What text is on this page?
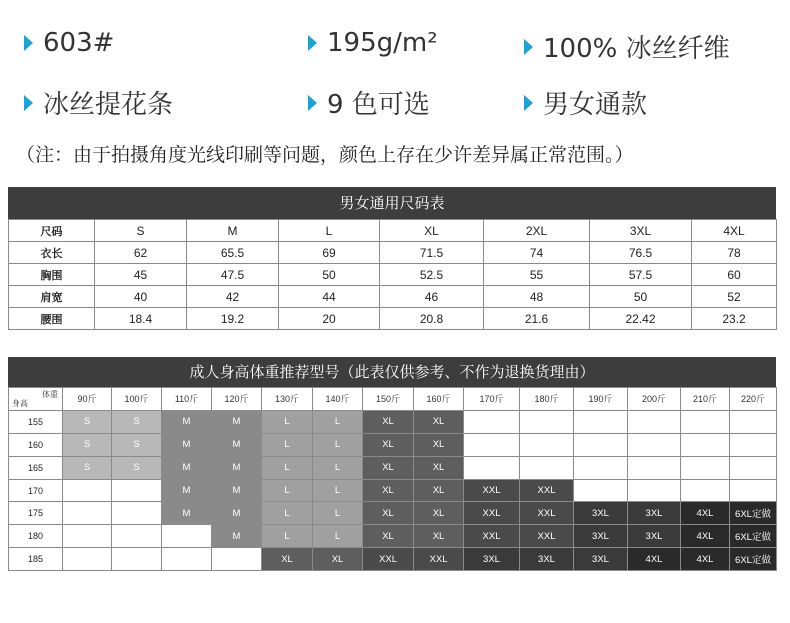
603#	195g/m²	100% 冰丝纤维
冰丝提花条	9 色可选	男女通款
（注：由于拍摄角度光线印刷等问题，颜色上存在少许差异属正常范围。）
男女通用尺码表
尺码	S	M	L	XL	2XL	3XL	4XL
衣长	62	65.5	69	71.5	74	76.5	78
胸围	45	47.5	50	52.5	55	57.5	60
肩宽	40	42	44	46	48	50	52
腰围	18.4	19.2	20	20.8	21.6	22.42	23.2
成人身高体重推荐型号（此表仅供参考、不作为退换货理由）
体重
身高	90斤	100斤	110斤	120斤	130斤	140斤	150斤	160斤	170斤	180斤	190斤	200斤	210斤	220斤
155	S	S	M	M	L	L	XL	XL						
160	S	S	M	M	L	L	XL	XL						
165	S	S	M	M	L	L	XL	XL						
170			M	M	L	L	XL	XL	XXL	XXL				
175			M	M	L	L	XL	XL	XXL	XXL	3XL	3XL	4XL	6XL定做
180				M	L	L	XL	XL	XXL	XXL	3XL	3XL	4XL	6XL定做
185					XL	XL	XXL	XXL	3XL	3XL	3XL	4XL	4XL	6XL定做
